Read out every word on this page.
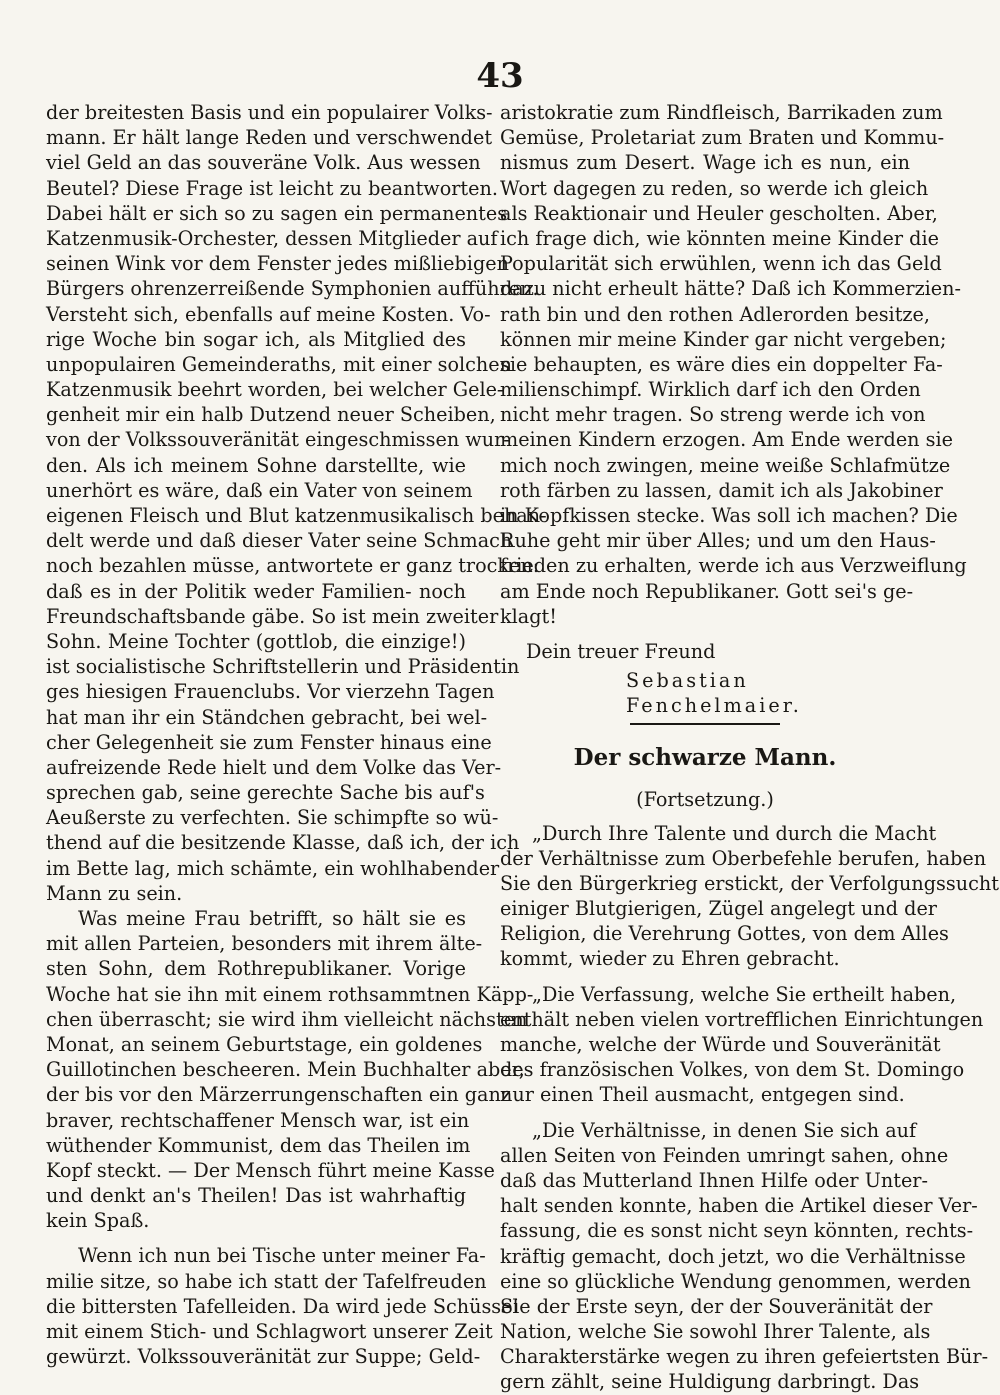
43
der breitesten Basis und ein populairer Volks-
mann. Er hält lange Reden und verschwendet
viel Geld an das souveräne Volk. Aus wessen
Beutel? Diese Frage ist leicht zu beantworten.
Dabei hält er sich so zu sagen ein permanentes
Katzenmusik-Orchester, dessen Mitglieder auf
seinen Wink vor dem Fenster jedes mißliebigen
Bürgers ohrenzerreißende Symphonien aufführen.
Versteht sich, ebenfalls auf meine Kosten. Vo-
rige Woche bin sogar ich, als Mitglied des
unpopulairen Gemeinderaths, mit einer solchen
Katzenmusik beehrt worden, bei welcher Gele-
genheit mir ein halb Dutzend neuer Scheiben,
von der Volkssouveränität eingeschmissen wur-
den. Als ich meinem Sohne darstellte, wie
unerhört es wäre, daß ein Vater von seinem
eigenen Fleisch und Blut katzenmusikalisch behan-
delt werde und daß dieser Vater seine Schmach
noch bezahlen müsse, antwortete er ganz trocken:
daß es in der Politik weder Familien- noch
Freundschaftsbande gäbe. So ist mein zweiter
Sohn. Meine Tochter (gottlob, die einzige!)
ist socialistische Schriftstellerin und Präsidentin
ges hiesigen Frauenclubs. Vor vierzehn Tagen
hat man ihr ein Ständchen gebracht, bei wel-
cher Gelegenheit sie zum Fenster hinaus eine
aufreizende Rede hielt und dem Volke das Ver-
sprechen gab, seine gerechte Sache bis auf's
Aeußerste zu verfechten. Sie schimpfte so wü-
thend auf die besitzende Klasse, daß ich, der ich
im Bette lag, mich schämte, ein wohlhabender
Mann zu sein.
Was meine Frau betrifft, so hält sie es
mit allen Parteien, besonders mit ihrem älte-
sten Sohn, dem Rothrepublikaner. Vorige
Woche hat sie ihn mit einem rothsammtnen Käpp-
chen überrascht; sie wird ihm vielleicht nächsten
Monat, an seinem Geburtstage, ein goldenes
Guillotinchen bescheeren. Mein Buchhalter aber,
der bis vor den Märzerrungenschaften ein ganz
braver, rechtschaffener Mensch war, ist ein
wüthender Kommunist, dem das Theilen im
Kopf steckt. — Der Mensch führt meine Kasse
und denkt an's Theilen! Das ist wahrhaftig
kein Spaß.
Wenn ich nun bei Tische unter meiner Fa-
milie sitze, so habe ich statt der Tafelfreuden
die bittersten Tafelleiden. Da wird jede Schüssel
mit einem Stich- und Schlagwort unserer Zeit
gewürzt. Volkssouveränität zur Suppe; Geld-
aristokratie zum Rindfleisch, Barrikaden zum
Gemüse, Proletariat zum Braten und Kommu-
nismus zum Desert. Wage ich es nun, ein
Wort dagegen zu reden, so werde ich gleich
als Reaktionair und Heuler gescholten. Aber,
ich frage dich, wie könnten meine Kinder die
Popularität sich erwühlen, wenn ich das Geld
dazu nicht erheult hätte? Daß ich Kommerzien-
rath bin und den rothen Adlerorden besitze,
können mir meine Kinder gar nicht vergeben;
sie behaupten, es wäre dies ein doppelter Fa-
milienschimpf. Wirklich darf ich den Orden
nicht mehr tragen. So streng werde ich von
meinen Kindern erzogen. Am Ende werden sie
mich noch zwingen, meine weiße Schlafmütze
roth färben zu lassen, damit ich als Jakobiner
in Kopfkissen stecke. Was soll ich machen? Die
Ruhe geht mir über Alles; und um den Haus-
frieden zu erhalten, werde ich aus Verzweiflung
am Ende noch Republikaner. Gott sei's ge-
klagt!
Dein treuer Freund
Sebastian Fenchelmaier.
Der schwarze Mann.
(Fortsetzung.)
„Durch Ihre Talente und durch die Macht
der Verhältnisse zum Oberbefehle berufen, haben
Sie den Bürgerkrieg erstickt, der Verfolgungssucht
einiger Blutgierigen, Zügel angelegt und der
Religion, die Verehrung Gottes, von dem Alles
kommt, wieder zu Ehren gebracht.
„Die Verfassung, welche Sie ertheilt haben,
enthält neben vielen vortrefflichen Einrichtungen
manche, welche der Würde und Souveränität
des französischen Volkes, von dem St. Domingo
nur einen Theil ausmacht, entgegen sind.
„Die Verhältnisse, in denen Sie sich auf
allen Seiten von Feinden umringt sahen, ohne
daß das Mutterland Ihnen Hilfe oder Unter-
halt senden konnte, haben die Artikel dieser Ver-
fassung, die es sonst nicht seyn könnten, rechts-
kräftig gemacht, doch jetzt, wo die Verhältnisse
eine so glückliche Wendung genommen, werden
Sie der Erste seyn, der der Souveränität der
Nation, welche Sie sowohl Ihrer Talente, als
Charakterstärke wegen zu ihren gefeiertsten Bür-
gern zählt, seine Huldigung darbringt. Das
